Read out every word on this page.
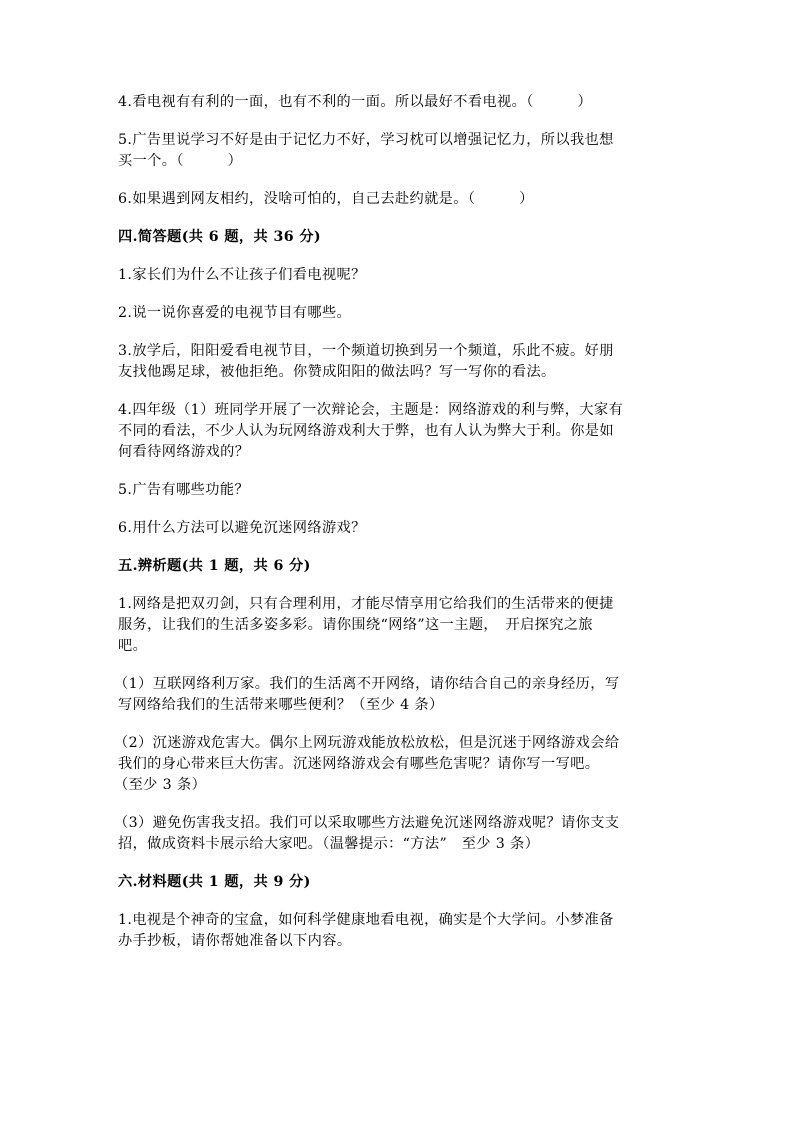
4.看电视有有利的一面，也有不利的一面。所以最好不看电视。（　　　）

5.广告里说学习不好是由于记忆力不好，学习枕可以增强记忆力，所以我也想

买一个。（　　　）

6.如果遇到网友相约，没啥可怕的，自己去赴约就是。（　　　）

四.简答题(共 6 题，共 36 分)

1.家长们为什么不让孩子们看电视呢？

2.说一说你喜爱的电视节目有哪些。

3.放学后，阳阳爱看电视节目，一个频道切换到另一个频道，乐此不疲。好朋

友找他踢足球，被他拒绝。你赞成阳阳的做法吗？写一写你的看法。

4.四年级（1）班同学开展了一次辩论会，主题是：网络游戏的利与弊，大家有

不同的看法，不少人认为玩网络游戏利大于弊，也有人认为弊大于利。你是如

何看待网络游戏的？

5.广告有哪些功能？

6.用什么方法可以避免沉迷网络游戏？

五.辨析题(共 1 题，共 6 分)

1.网络是把双刃剑，只有合理利用，才能尽情享用它给我们的生活带来的便捷

服务，让我们的生活多姿多彩。请你围绕“网络”这一主题，　开启探究之旅

吧。

（1）互联网络利万家。我们的生活离不开网络，请你结合自己的亲身经历，写

写网络给我们的生活带来哪些便利？（至少 4 条）

（2）沉迷游戏危害大。偶尔上网玩游戏能放松放松，但是沉迷于网络游戏会给

我们的身心带来巨大伤害。沉迷网络游戏会有哪些危害呢？请你写一写吧。

（至少 3 条）

（3）避免伤害我支招。我们可以采取哪些方法避免沉迷网络游戏呢？请你支支

招，做成资料卡展示给大家吧。（温馨提示：“方法”　至少 3 条）

六.材料题(共 1 题，共 9 分)

1.电视是个神奇的宝盒，如何科学健康地看电视，确实是个大学问。小梦准备

办手抄板，请你帮她准备以下内容。
